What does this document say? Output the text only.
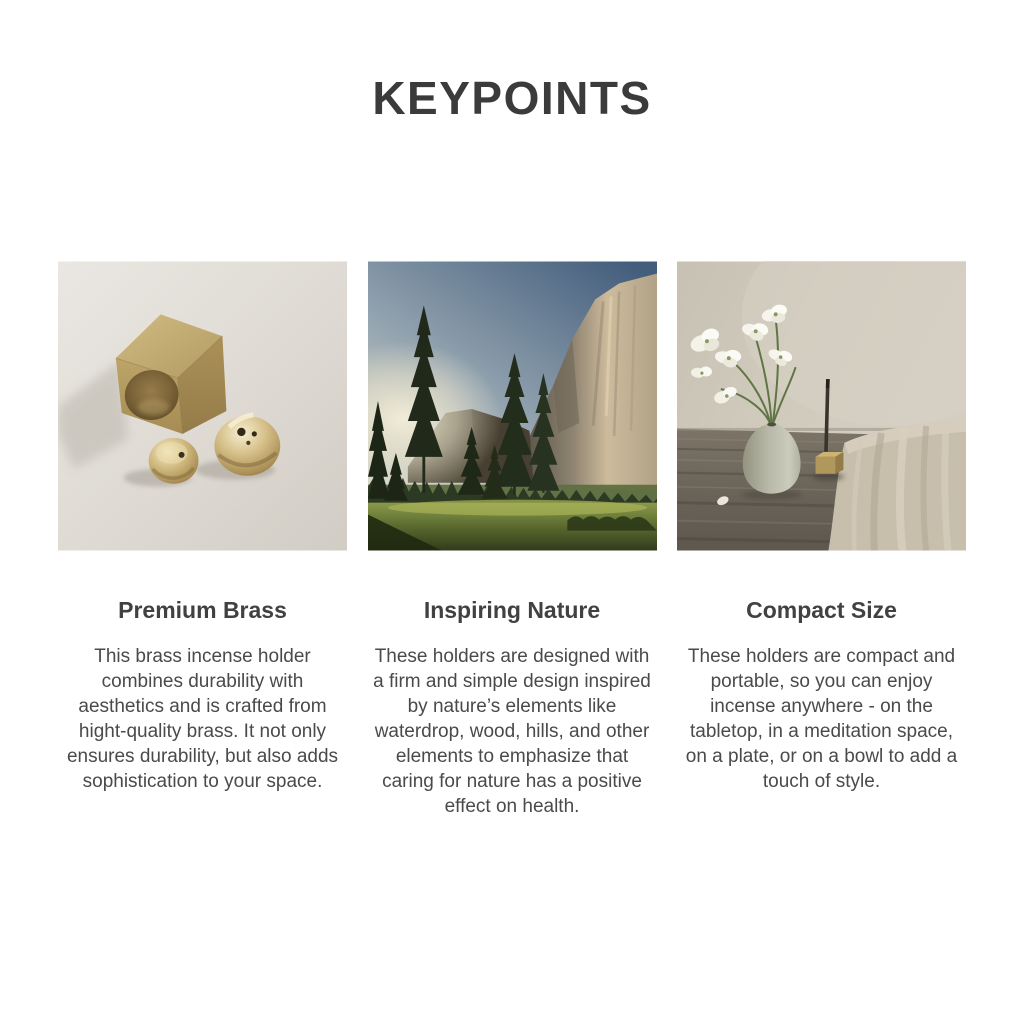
KEYPOINTS
Premium Brass

This brass incense holder combines durability with aesthetics and is crafted from hight-quality brass. It not only ensures durability, but also adds sophistication to your space.

Inspiring Nature

These holders are designed with a firm and simple design inspired by nature’s elements like waterdrop, wood, hills, and other elements to emphasize that caring for nature has a positive effect on health.

Compact Size

These holders are compact and portable, so you can enjoy incense anywhere - on the tabletop, in a meditation space, on a plate, or on a bowl to add a touch of style.
